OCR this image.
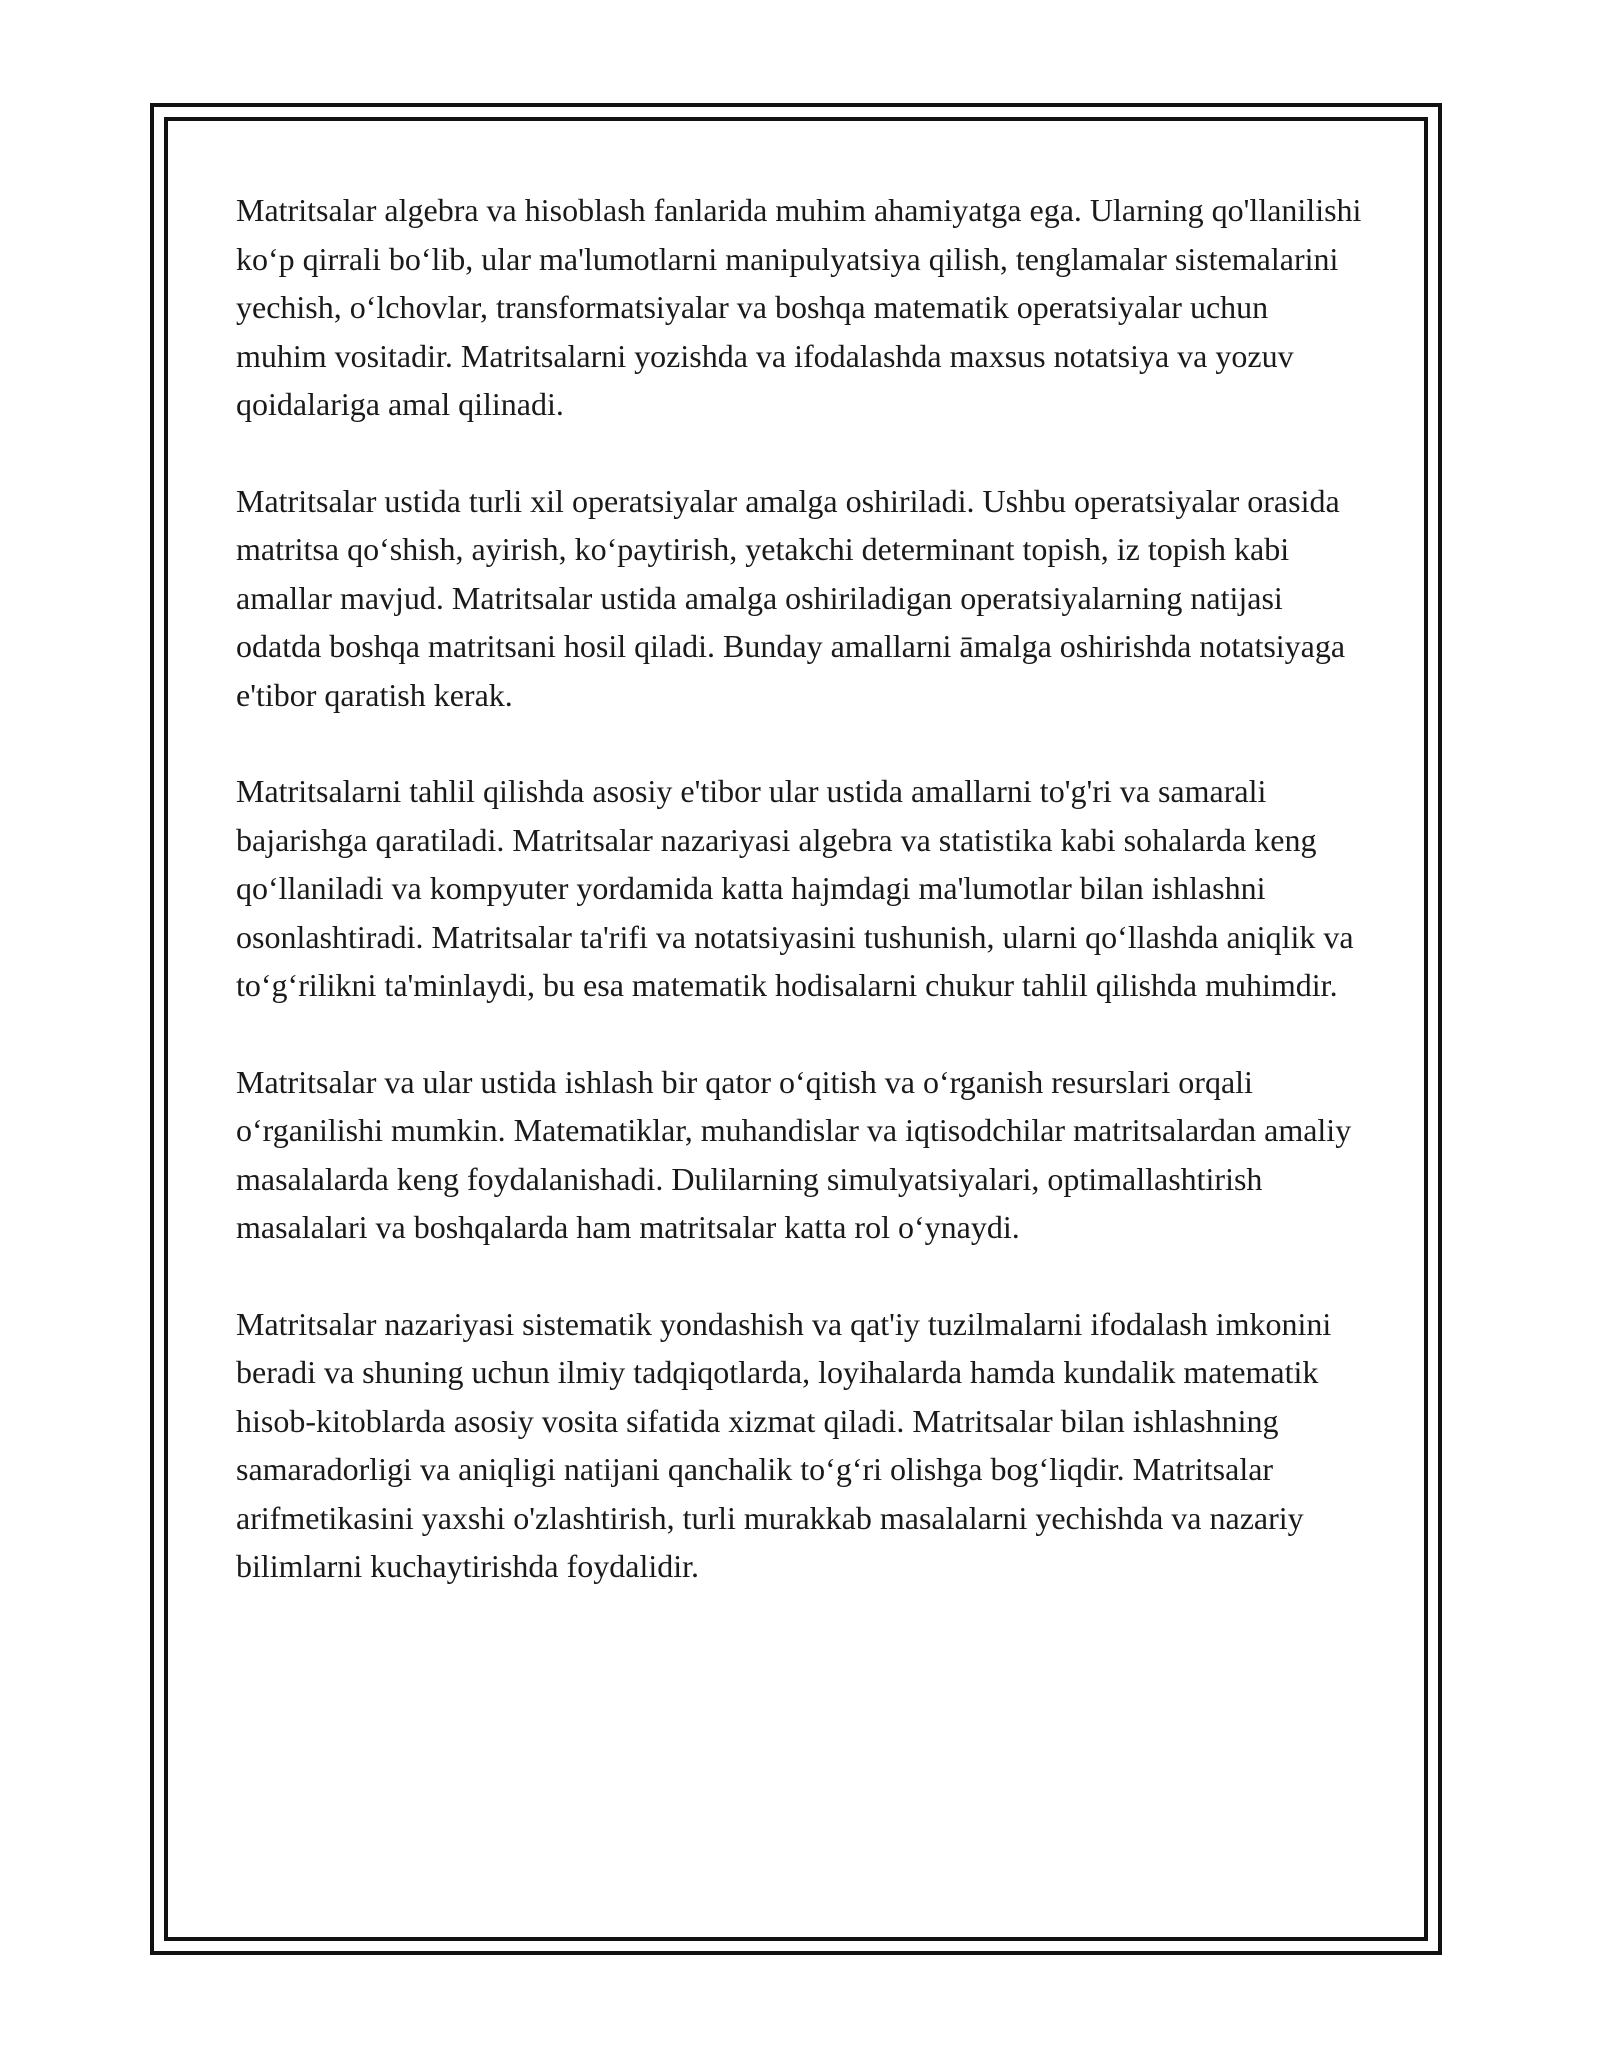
Matritsalar algebra va hisoblash fanlarida muhim ahamiyatga ega. Ularning qo'llanilishi ko‘p qirrali bo‘lib, ular ma'lumotlarni manipulyatsiya qilish, tenglamalar sistemalarini yechish, o‘lchovlar, transformatsiyalar va boshqa matematik operatsiyalar uchun muhim vositadir. Matritsalarni yozishda va ifodalashda maxsus notatsiya va yozuv qoidalariga amal qilinadi.

Matritsalar ustida turli xil operatsiyalar amalga oshiriladi. Ushbu operatsiyalar orasida matritsa qo‘shish, ayirish, ko‘paytirish, yetakchi determinant topish, iz topish kabi amallar mavjud. Matritsalar ustida amalga oshiriladigan operatsiyalarning natijasi odatda boshqa matritsani hosil qiladi. Bunday amallarni āmalga oshirishda notatsiyaga e'tibor qaratish kerak.

Matritsalarni tahlil qilishda asosiy e'tibor ular ustida amallarni to'g'ri va samarali bajarishga qaratiladi. Matritsalar nazariyasi algebra va statistika kabi sohalarda keng qo‘llaniladi va kompyuter yordamida katta hajmdagi ma'lumotlar bilan ishlashni osonlashtiradi. Matritsalar ta'rifi va notatsiyasini tushunish, ularni qo‘llashda aniqlik va to‘g‘rilikni ta'minlaydi, bu esa matematik hodisalarni chukur tahlil qilishda muhimdir.

Matritsalar va ular ustida ishlash bir qator o‘qitish va o‘rganish resurslari orqali o‘rganilishi mumkin. Matematiklar, muhandislar va iqtisodchilar matritsalardan amaliy masalalarda keng foydalanishadi. Dulilarning simulyatsiyalari, optimallashtirish masalalari va boshqalarda ham matritsalar katta rol o‘ynaydi.

Matritsalar nazariyasi sistematik yondashish va qat'iy tuzilmalarni ifodalash imkonini beradi va shuning uchun ilmiy tadqiqotlarda, loyihalarda hamda kundalik matematik hisob-kitoblarda asosiy vosita sifatida xizmat qiladi. Matritsalar bilan ishlashning samaradorligi va aniqligi natijani qanchalik to‘g‘ri olishga bog‘liqdir. Matritsalar arifmetikasini yaxshi o'zlashtirish, turli murakkab masalalarni yechishda va nazariy bilimlarni kuchaytirishda foydalidir.
